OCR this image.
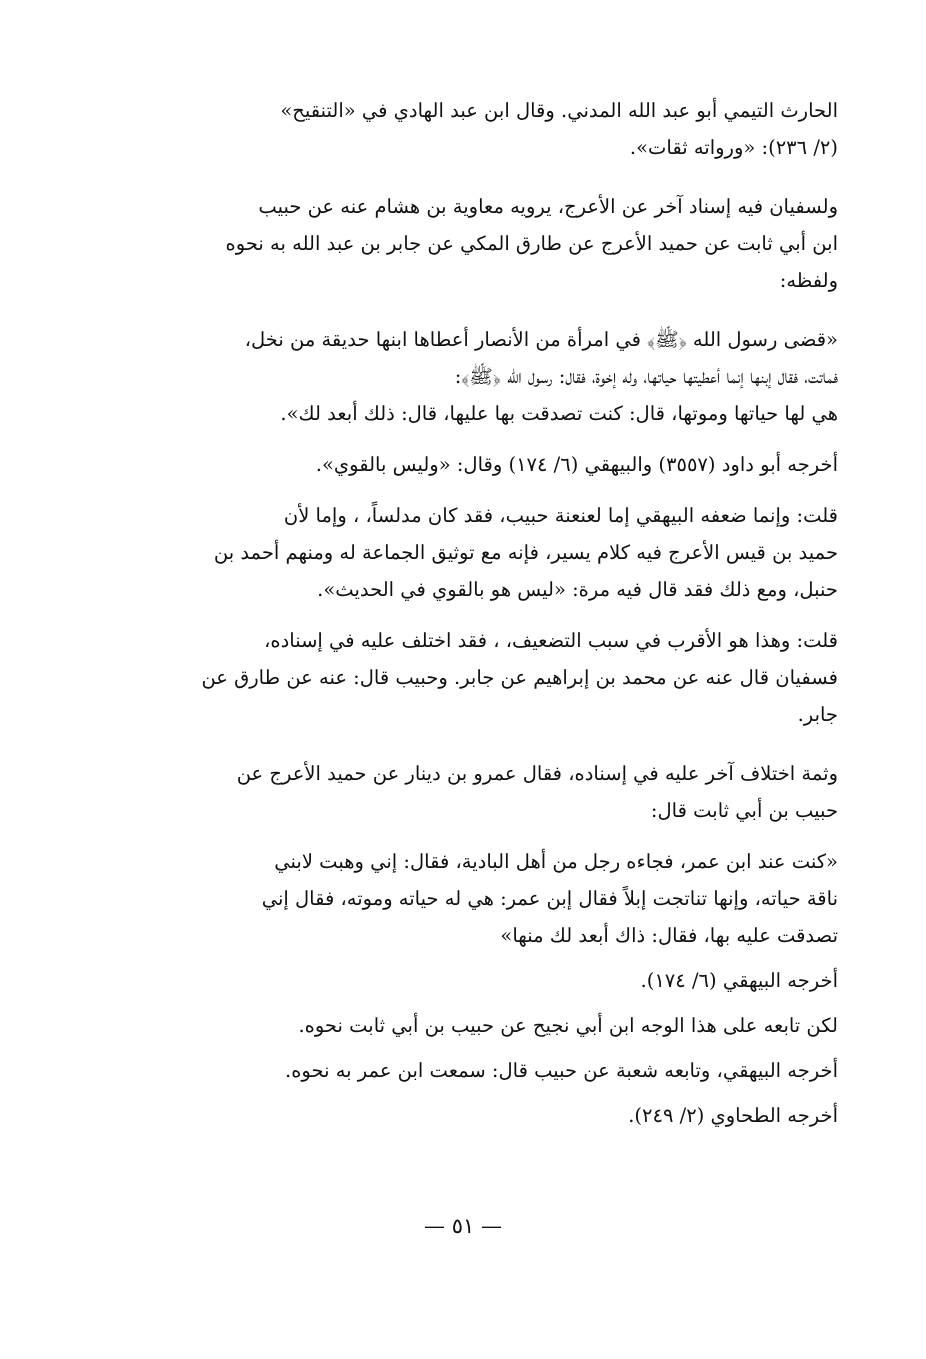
الحارث التيمي أبو عبد الله المدني. وقال ابن عبد الهادي في «التنقيح»
(٢/ ٢٣٦): «ورواته ثقات».

ولسفيان فيه إسناد آخر عن الأعرج، يرويه معاوية بن هشام عنه عن حبيب
ابن أبي ثابت عن حميد الأعرج عن طارق المكي عن جابر بن عبد الله به نحوه
ولفظه:

«قضى رسول الله ﴿ﷺ﴾ في امرأة من الأنصار أعطاها ابنها حديقة من نخل،
فماتت، فقال إبنها إنما أعطيتها حياتها، وله إخوة، فقال: رسول الله ﴿ﷺ﴾:
هي لها حياتها وموتها، قال: كنت تصدقت بها عليها، قال: ذلك أبعد لك».

أخرجه أبو داود (٣٥٥٧) والبيهقي (٦/ ١٧٤) وقال: «وليس بالقوي».

قلت: وإنما ضعفه البيهقي إما لعنعنة حبيب، فقد كان مدلساً، ، وإما لأن
حميد بن قيس الأعرج فيه كلام يسير، فإنه مع توثيق الجماعة له ومنهم أحمد بن
حنبل، ومع ذلك فقد قال فيه مرة: «ليس هو بالقوي في الحديث».

قلت: وهذا هو الأقرب في سبب التضعيف، ، فقد اختلف عليه في إسناده،
فسفيان قال عنه عن محمد بن إبراهيم عن جابر. وحبيب قال: عنه عن طارق عن
جابر.

وثمة اختلاف آخر عليه في إسناده، فقال عمرو بن دينار عن حميد الأعرج عن
حبيب بن أبي ثابت قال:

«كنت عند ابن عمر، فجاءه رجل من أهل البادية، فقال: إني وهبت لابني
ناقة حياته، وإنها تناتجت إبلاً فقال إبن عمر: هي له حياته وموته، فقال إني
تصدقت عليه بها، فقال: ذاك أبعد لك منها»

أخرجه البيهقي (٦/ ١٧٤).

لكن تابعه على هذا الوجه ابن أبي نجيح عن حبيب بن أبي ثابت نحوه.

أخرجه البيهقي، وتابعه شعبة عن حبيب قال: سمعت ابن عمر به نحوه.

أخرجه الطحاوي (٢/ ٢٤٩).

— ٥١ —
